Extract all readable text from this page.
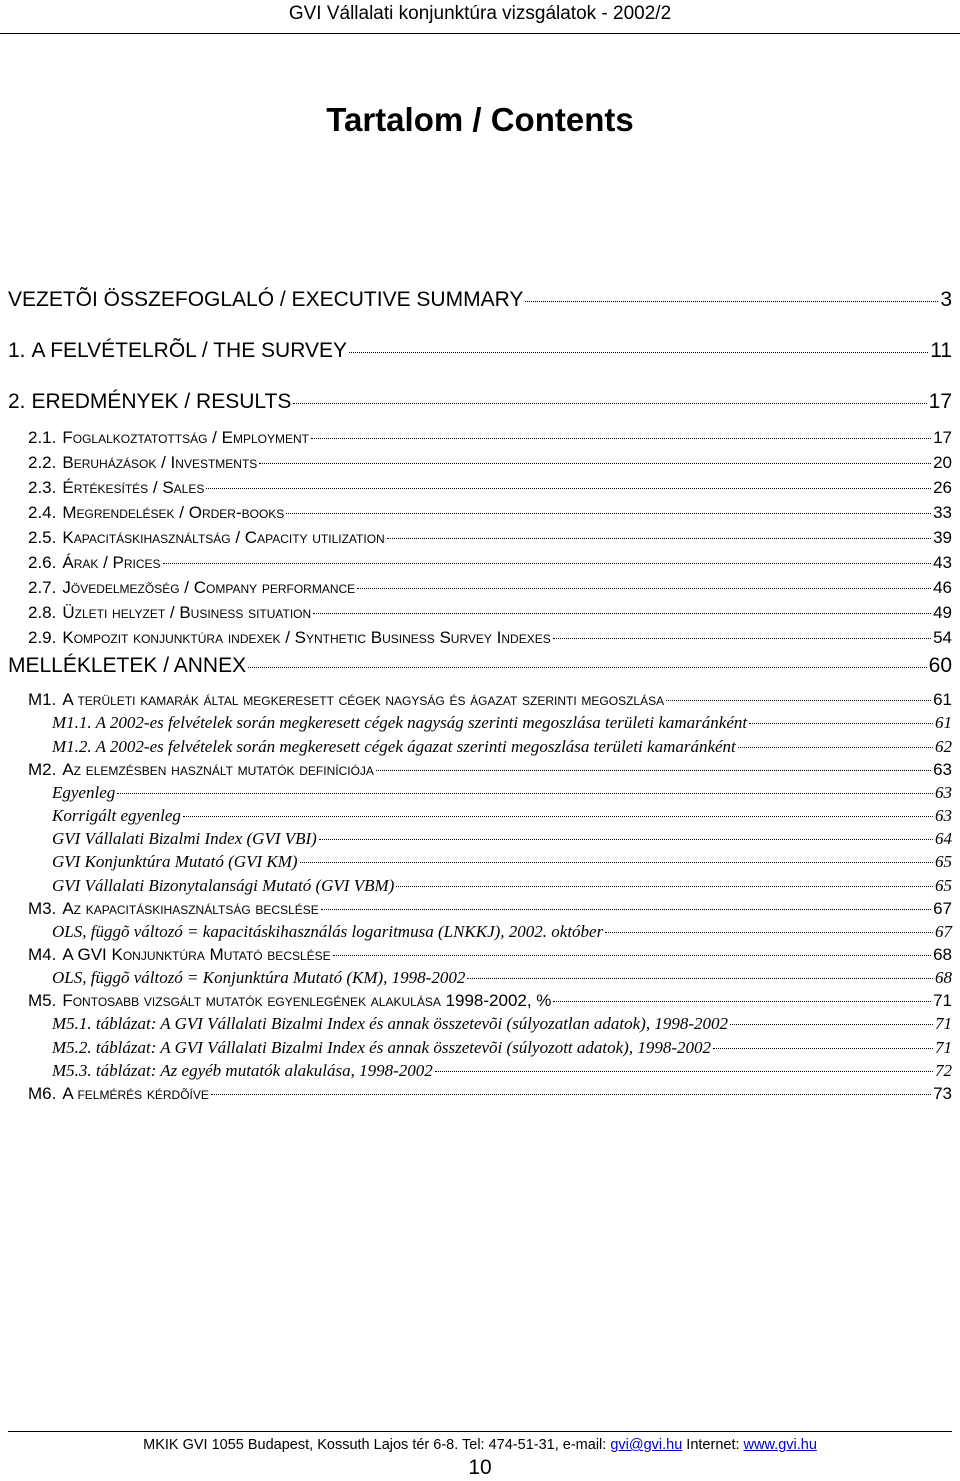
GVI Vállalati konjunktúra vizsgálatok - 2002/2
Tartalom / Contents
VEZETÕI ÖSSZEFOGLALÓ / EXECUTIVE SUMMARY	3
1. A FELVÉTELRÕL / THE SURVEY	11
2. EREDMÉNYEK / RESULTS	17
2.1. Foglalkoztatottság / Employment	17
2.2. Beruházások / Investments	20
2.3. Értékesítés / Sales	26
2.4. Megrendelések / Order-books	33
2.5. Kapacitáskihasználtság / Capacity utilization	39
2.6. Árak / Prices	43
2.7. Jövedelmezõség / Company performance	46
2.8. Üzleti helyzet / Business situation	49
2.9. Kompozit konjunktúra indexek / Synthetic Business Survey Indexes	54
MELLÉKLETEK / ANNEX	60
M1. A területi kamarák által megkeresett cégek nagyság és ágazat szerinti megoszlása	61
M1.1. A 2002-es felvételek során megkeresett cégek nagyság szerinti megoszlása területi kamaránként	61
M1.2. A 2002-es felvételek során megkeresett cégek ágazat szerinti megoszlása területi kamaránként	62
M2. Az elemzésben használt mutatók definíciója	63
Egyenleg	63
Korrigált egyenleg	63
GVI Vállalati Bizalmi Index (GVI VBI)	64
GVI Konjunktúra Mutató (GVI KM)	65
GVI Vállalati Bizonytalansági Mutató (GVI VBM)	65
M3. Az kapacitáskihasználtság becslése	67
OLS, függõ változó = kapacitáskihasználás logaritmusa (LNKKJ), 2002. október	67
M4. A GVI Konjunktúra Mutató becslése	68
OLS, függõ változó = Konjunktúra Mutató (KM), 1998-2002	68
M5. Fontosabb vizsgált mutatók egyenlegének alakulása 1998-2002, %	71
M5.1. táblázat: A GVI Vállalati Bizalmi Index és annak összetevõi (súlyozatlan adatok), 1998-2002	71
M5.2. táblázat: A GVI Vállalati Bizalmi Index és annak összetevõi (súlyozott adatok), 1998-2002	71
M5.3. táblázat: Az egyéb mutatók alakulása, 1998-2002	72
M6. A felmérés kérdõíve	73
MKIK GVI 1055 Budapest, Kossuth Lajos tér 6-8. Tel: 474-51-31, e-mail: gvi@gvi.hu Internet: www.gvi.hu
10
